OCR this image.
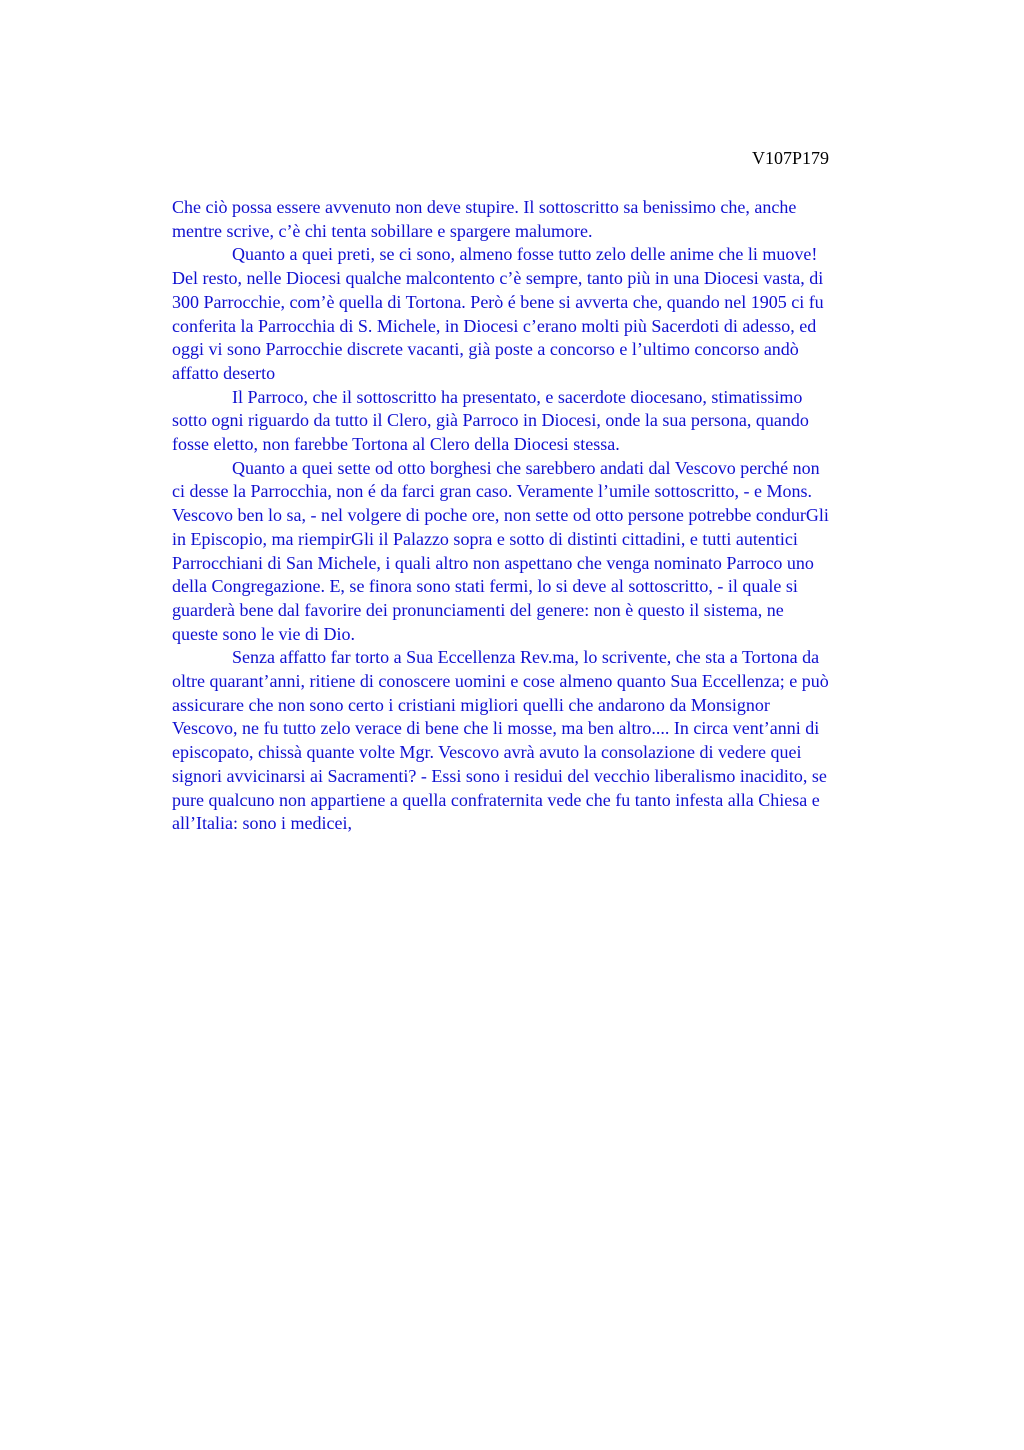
V107P179
Che ciò possa essere avvenuto non deve stupire. Il sottoscritto sa benissimo che, anche
mentre scrive, c’è chi tenta sobillare e spargere malumore.
Quanto a quei preti, se ci sono, almeno fosse tutto zelo delle anime che li muove!
Del resto, nelle Diocesi qualche malcontento c’è sempre, tanto più in una Diocesi vasta, di
300 Parrocchie, com’è quella di Tortona. Però é bene si avverta che, quando nel 1905 ci fu
conferita la Parrocchia di S. Michele, in Diocesi c’erano molti più Sacerdoti di adesso, ed
oggi vi sono Parrocchie discrete vacanti, già poste a concorso e l’ultimo concorso andò
affatto deserto
Il Parroco, che il sottoscritto ha presentato, e sacerdote diocesano, stimatissimo
sotto ogni riguardo da tutto il Clero, già Parroco in Diocesi, onde la sua persona, quando
fosse eletto, non farebbe Tortona al Clero della Diocesi stessa.
Quanto a quei sette od otto borghesi che sarebbero andati dal Vescovo perché non
ci desse la Parrocchia, non é da farci gran caso. Veramente l’umile sottoscritto, - e Mons.
Vescovo ben lo sa, - nel volgere di poche ore, non sette od otto persone potrebbe condurGli
in Episcopio, ma riempirGli il Palazzo sopra e sotto di distinti cittadini, e tutti autentici
Parrocchiani di San Michele, i quali altro non aspettano che venga nominato Parroco uno
della Congregazione. E, se finora sono stati fermi, lo si deve al sottoscritto, - il quale si
guarderà bene dal favorire dei pronunciamenti del genere: non è questo il sistema, ne
queste sono le vie di Dio.
Senza affatto far torto a Sua Eccellenza Rev.ma, lo scrivente, che sta a Tortona da
oltre quarant’anni, ritiene di conoscere uomini e cose almeno quanto Sua Eccellenza; e può
assicurare che non sono certo i cristiani migliori quelli che andarono da Monsignor
Vescovo, ne fu tutto zelo verace di bene che li mosse, ma ben altro.... In circa vent’anni di
episcopato, chissà quante volte Mgr. Vescovo avrà avuto la consolazione di vedere quei
signori avvicinarsi ai Sacramenti? - Essi sono i residui del vecchio liberalismo inacidito, se
pure qualcuno non appartiene a quella confraternita vede che fu tanto infesta alla Chiesa e
all’Italia: sono i medicei,
